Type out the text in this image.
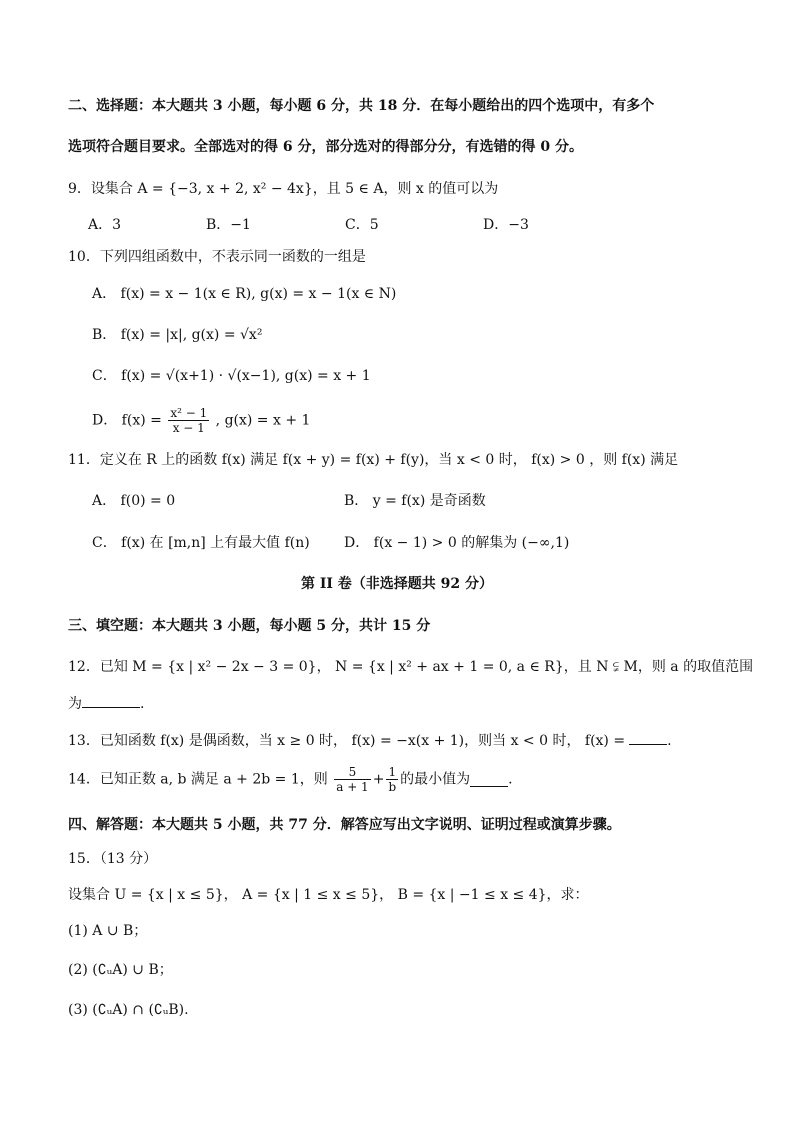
二、选择题：本大题共 3 小题，每小题 6 分，共 18 分．在每小题给出的四个选项中，有多个
选项符合题目要求。全部选对的得 6 分，部分选对的得部分分，有选错的得 0 分。
9．设集合 A = {−3, x + 2, x² − 4x}，且 5 ∈ A，则 x 的值可以为
A．3	B．−1	C．5	D．−3
10．下列四组函数中，不表示同一函数的一组是
A． f(x) = x − 1(x ∈ R), g(x) = x − 1(x ∈ N)
B． f(x) = |x|, g(x) = √x²
C． f(x) = √(x+1) · √(x−1), g(x) = x + 1
D． $f(x) = \frac{\text{x² − 1}}{x - 1}$ , g(x) = x + 1
11．定义在 R 上的函数 f(x) 满足 f(x + y) = f(x) + f(y)，当 x < 0 时， f(x) > 0 ，则 f(x) 满足
A． f(0) = 0	B． y = f(x) 是奇函数
C． f(x) 在 [m,n] 上有最大值 f(n) D． f(x − 1) > 0 的解集为 (−∞,1)
第 II 卷（非选择题共 92 分）
三、填空题：本大题共 3 小题，每小题 5 分，共计 15 分
12．已知 M = {x | x² − 2x − 3 = 0}， N = {x | x² + ax + 1 = 0, a ∈ R}，且 N ⫋ M，则 a 的取值范围
为	.
13．已知函数 f(x) 是偶函数，当 x ≥ 0 时， f(x) = −x(x + 1)，则当 x < 0 时， f(x) =	.
14．已知正数 a, b 满足 a + 2b = 1，则 $\frac{5}{a + 1} + \frac{1}{b}$ 的最小值为	.
四、解答题：本大题共 5 小题，共 77 分．解答应写出文字说明、证明过程或演算步骤。
15．（13 分）
设集合 U = {x | x ≤ 5}， A = {x | 1 ≤ x ≤ 5}， B = {x | −1 ≤ x ≤ 4}，求：
(1) A ∪ B；
(2) (∁ᵤA) ∪ B；
(3) (∁ᵤA) ∩ (∁ᵤB).
